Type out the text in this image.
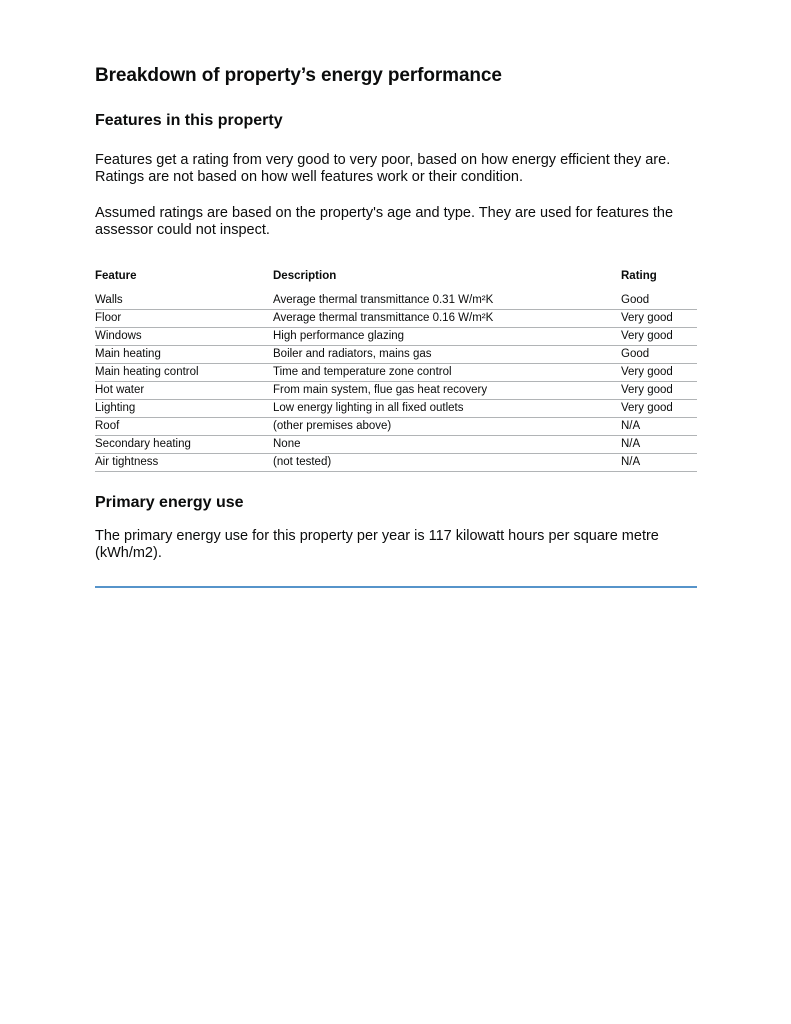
Breakdown of property’s energy performance
Features in this property

Features get a rating from very good to very poor, based on how energy efficient they are. Ratings are not based on how well features work or their condition.

Assumed ratings are based on the property's age and type. They are used for features the assessor could not inspect.

Feature	Description	Rating
Walls	Average thermal transmittance 0.31 W/m²K	Good
Floor	Average thermal transmittance 0.16 W/m²K	Very good
Windows	High performance glazing	Very good
Main heating	Boiler and radiators, mains gas	Good
Main heating control	Time and temperature zone control	Very good
Hot water	From main system, flue gas heat recovery	Very good
Lighting	Low energy lighting in all fixed outlets	Very good
Roof	(other premises above)	N/A
Secondary heating	None	N/A
Air tightness	(not tested)	N/A
Primary energy use

The primary energy use for this property per year is 117 kilowatt hours per square metre (kWh/m2).
